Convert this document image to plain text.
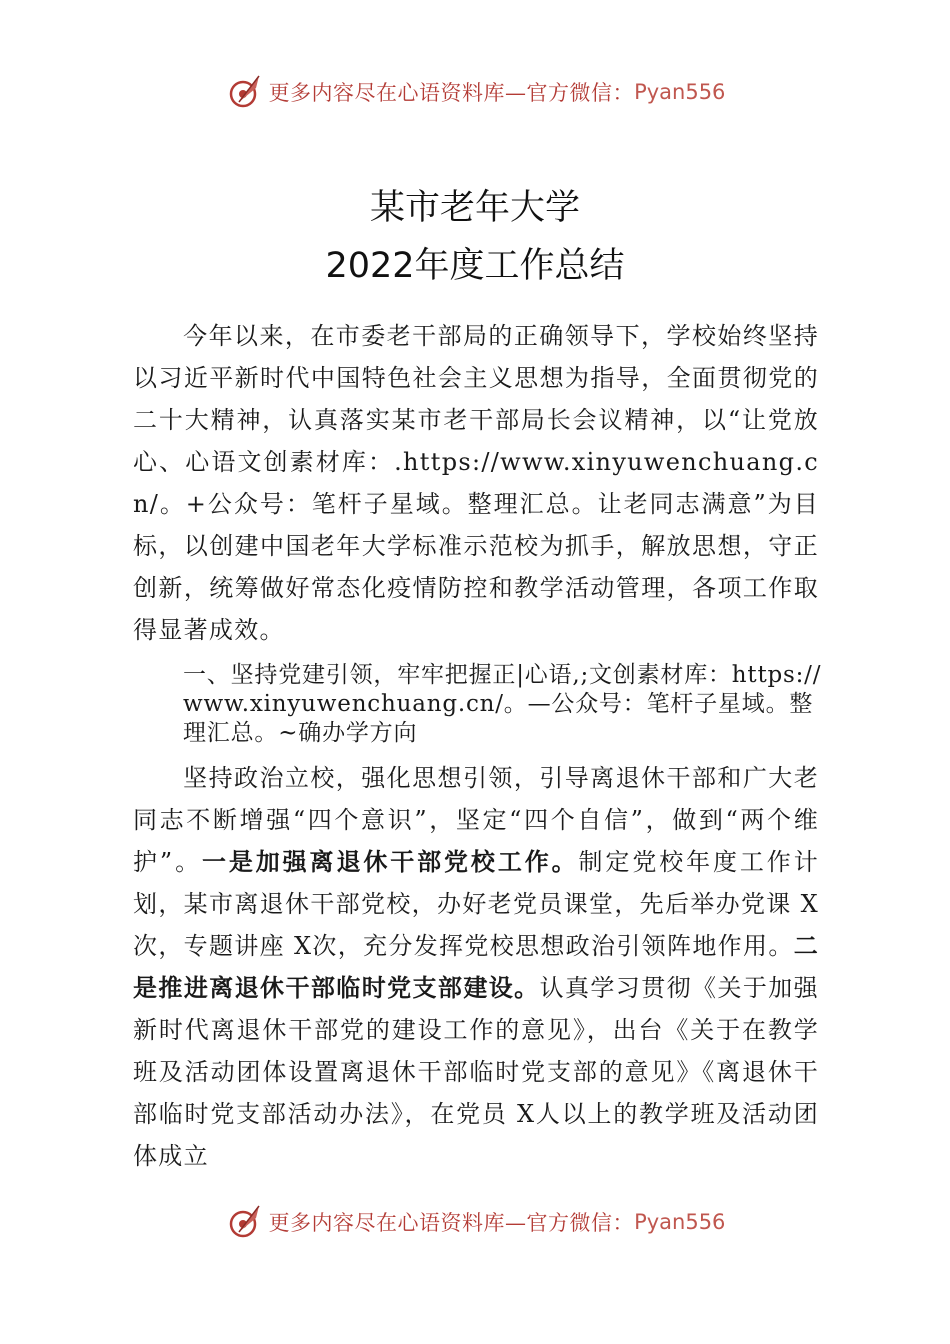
更多内容尽在心语资料库—官方微信： Pyan556
某市老年大学
2022年度工作总结

今年以来，在市委老干部局的正确领导下，学校始终坚持以习近平新时代中国特色社会主义思想为指导，全面贯彻党的二十大精神，认真落实某市老干部局长会议精神，以“让党放心、心语文创素材库：.https://www.xinyuwenchuang.cn/。+公众号：笔杆子星域。整理汇总。让老同志满意”为目标，以创建中国老年大学标准示范校为抓手，解放思想，守正创新，统筹做好常态化疫情防控和教学活动管理，各项工作取得显著成效。

一、坚持党建引领，牢牢把握正|心语,;文创素材库：https://www.xinyuwenchuang.cn/。—公众号：笔杆子星域。整理汇总。~确办学方向

坚持政治立校，强化思想引领，引导离退休干部和广大老同志不断增强“四个意识”，坚定“四个自信”，做到“两个维护”。一是加强离退休干部党校工作。制定党校年度工作计划，某市离退休干部党校，办好老党员课堂，先后举办党课 X次，专题讲座 X次，充分发挥党校思想政治引领阵地作用。二是推进离退休干部临时党支部建设。认真学习贯彻《关于加强新时代离退休干部党的建设工作的意见》，出台《关于在教学班及活动团体设置离退休干部临时党支部的意见》《离退休干部临时党支部活动办法》，在党员 X人以上的教学班及活动团体成立

更多内容尽在心语资料库—官方微信： Pyan556
